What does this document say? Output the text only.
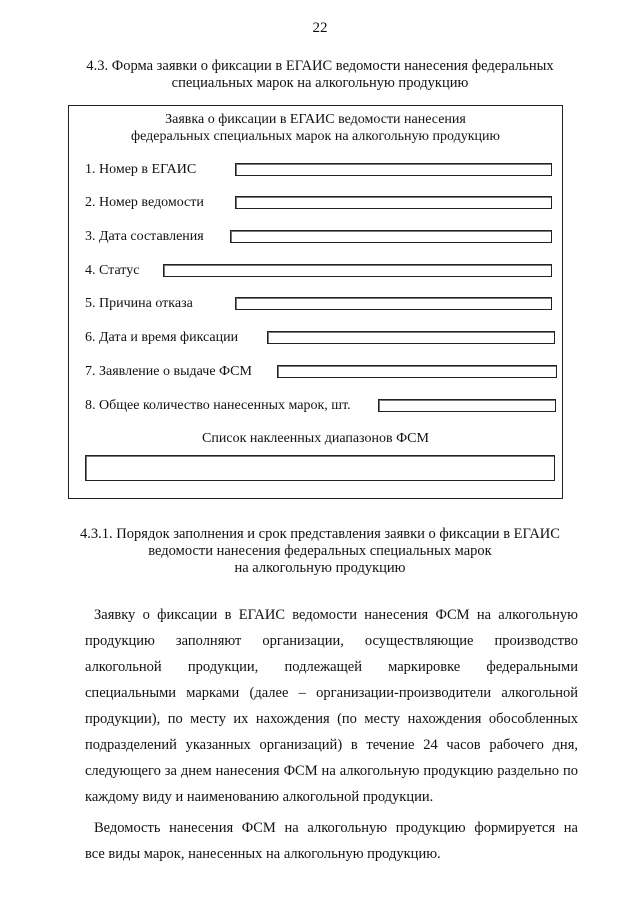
22
4.3. Форма заявки о фиксации в ЕГАИС ведомости нанесения федеральных
специальных марок на алкогольную продукцию
Заявка о фиксации в ЕГАИС ведомости нанесения
федеральных специальных марок на алкогольную продукцию
1. Номер в ЕГАИС
2. Номер ведомости
3. Дата составления
4. Статус
5. Причина отказа
6. Дата и время фиксации
7. Заявление о выдаче ФСМ
8. Общее количество нанесенных марок, шт.
Список наклеенных диапазонов ФСМ
4.3.1. Порядок заполнения и срок представления заявки о фиксации в ЕГАИС
ведомости нанесения федеральных специальных марок
на алкогольную продукцию
Заявку о фиксации в ЕГАИС ведомости нанесения ФСМ на алкогольную
продукцию заполняют организации, осуществляющие производство
алкогольной продукции, подлежащей маркировке федеральными
специальными марками (далее – организации-производители алкогольной
продукции), по месту их нахождения (по месту нахождения обособленных
подразделений указанных организаций) в течение 24 часов рабочего дня,
следующего за днем нанесения ФСМ на алкогольную продукцию раздельно по
каждому виду и наименованию алкогольной продукции.
Ведомость нанесения ФСМ на алкогольную продукцию формируется на
все виды марок, нанесенных на алкогольную продукцию.
